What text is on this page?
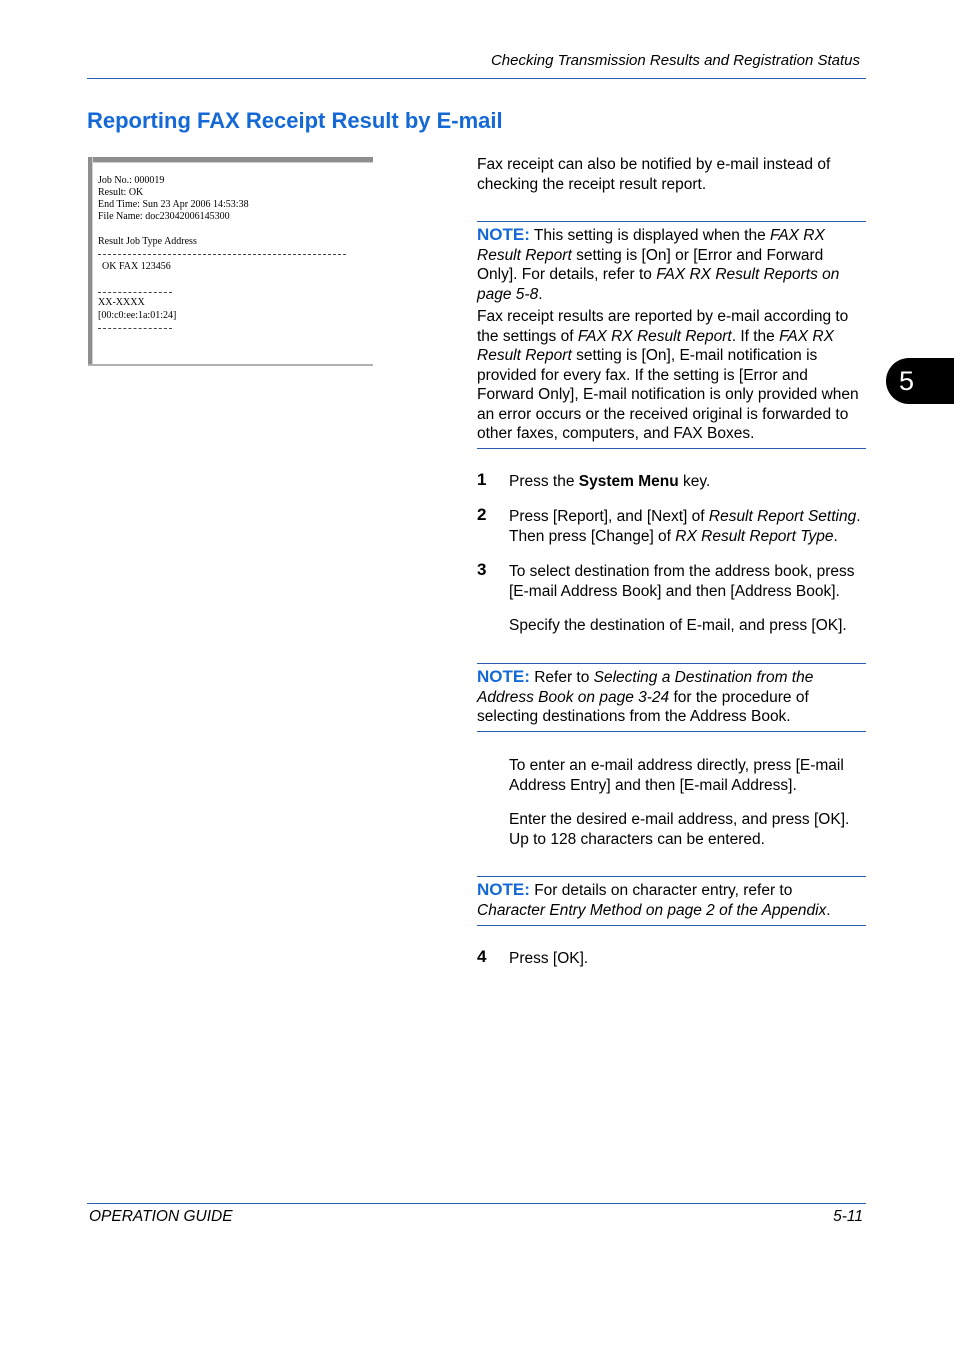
Checking Transmission Results and Registration Status
Reporting FAX Receipt Result by E-mail
Job No.: 000019
Result: OK
End Time: Sun 23 Apr 2006 14:53:38
File Name: doc23042006145300
Result Job Type Address
OK FAX 123456
XX-XXXX
[00:c0:ee:1a:01:24]
Fax receipt can also be notified by e-mail instead of checking the receipt result report.
NOTE: This setting is displayed when the FAX RX Result Report setting is [On] or [Error and Forward Only]. For details, refer to FAX RX Result Reports on page 5-8.
Fax receipt results are reported by e-mail according to the settings of FAX RX Result Report. If the FAX RX Result Report setting is [On], E-mail notification is provided for every fax. If the setting is [Error and Forward Only], E-mail notification is only provided when an error occurs or the received original is forwarded to other faxes, computers, and FAX Boxes.
1 Press the System Menu key.
2 Press [Report], and [Next] of Result Report Setting. Then press [Change] of RX Result Report Type.
3 To select destination from the address book, press [E-mail Address Book] and then [Address Book].
Specify the destination of E-mail, and press [OK].
NOTE: Refer to Selecting a Destination from the Address Book on page 3-24 for the procedure of selecting destinations from the Address Book.
To enter an e-mail address directly, press [E-mail Address Entry] and then [E-mail Address].
Enter the desired e-mail address, and press [OK]. Up to 128 characters can be entered.
NOTE: For details on character entry, refer to Character Entry Method on page 2 of the Appendix.
4 Press [OK].
5
OPERATION GUIDE	5-11
